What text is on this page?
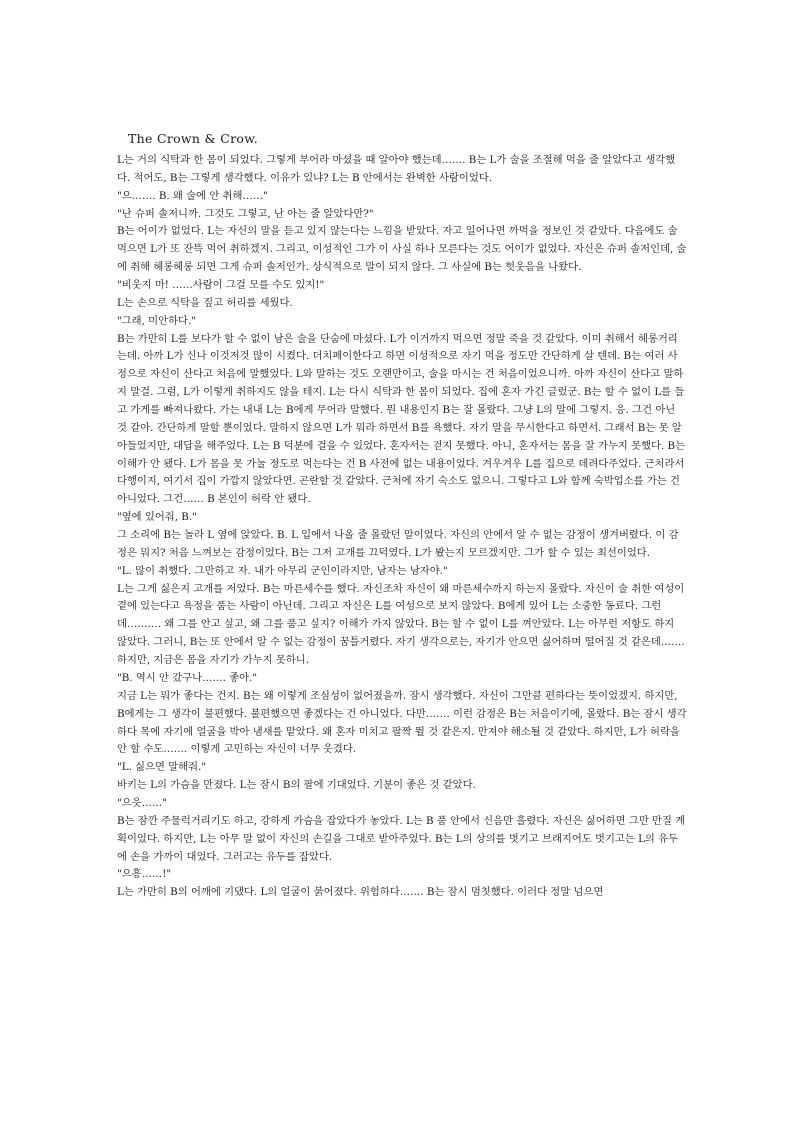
The Crown & Crow.

L는 거의 식탁과 한 몸이 되었다. 그렇게 부어라 마셨을 때 알아야 했는데……. B는 L가 술을 조절해 먹을 줄 알았다고 생각했다. 적어도, B는 그렇게 생각했다. 이유가 있냐? L는 B 안에서는 완벽한 사람이었다.

"으……. B. 왜 술에 안 취해……"

"난 슈퍼 솔저니까. 그것도 그렇고, 난 아는 줄 알았다만?"

B는 어이가 없었다. L는 자신의 말을 듣고 있지 않는다는 느낌을 받았다. 자고 일어나면 까먹을 정보인 것 같았다. 다음에도 술 먹으면 L가 또 잔뜩 먹어 취하겠지. 그리고, 이성적인 그가 이 사실 하나 모른다는 것도 어이가 없었다. 자신은 슈퍼 솔저인데, 술에 취해 헤롱헤롱 되면 그게 슈퍼 솔저인가. 상식적으로 말이 되지 않다. 그 사실에 B는 헛웃음을 나왔다.

"비웃지 마! ……사람이 그걸 모를 수도 있지!"

L는 손으로 식탁을 짚고 허리를 세웠다.

"그래, 미안하다."

B는 가만히 L를 보다가 할 수 없이 남은 술을 단숨에 마셨다. L가 이거까지 먹으면 정말 죽을 것 같았다. 이미 취해서 헤롱거리는데. 아까 L가 신나 이것저것 많이 시켰다. 더치페이한다고 하면 이성적으로 자기 먹을 정도만 간단하게 살 텐데. B는 여러 사정으로 자신이 산다고 처음에 말했었다. L와 말하는 것도 오랜만이고, 술을 마시는 건 처음이었으니까. 아까 자신이 산다고 말하지 말걸. 그럼, L가 이렇게 취하지도 않을 테지. L는 다시 식탁과 한 몸이 되었다. 집에 혼자 가긴 글렀군. B는 할 수 없이 L를 들고 가게를 빠져나왔다. 가는 내내 L는 B에게 무어라 말했다. 뭔 내용인지 B는 잘 몰랐다. 그냥 L의 말에 그렇지. 응. 그건 아닌 것 같아. 간단하게 말할 뿐이었다. 말하지 않으면 L가 뭐라 하면서 B를 욕했다. 자기 말을 무시한다고 하면서. 그래서 B는 못 알아들었지만, 대답을 해주었다. L는 B 덕분에 걸을 수 있었다. 혼자서는 걷지 못했다. 아니, 혼자서는 몸을 잘 가누지 못했다. B는 이해가 안 됐다. L가 몸을 못 가눌 정도로 먹는다는 건 B 사전에 없는 내용이었다. 겨우겨우 L를 집으로 데려다주었다. 근처라서 다행이지, 여기서 집이 가깝지 않았다면. 곤란할 것 같았다. 근처에 자기 숙소도 없으니. 그렇다고 L와 함께 숙박업소를 가는 건 아니었다. 그건…… B 본인이 허락 안 됐다.

"옆에 있어줘, B."

그 소리에 B는 놀라 L 옆에 앉았다. B. L 입에서 나올 줄 몰랐던 말이었다. 자신의 안에서 알 수 없는 감정이 생겨버렸다. 이 감정은 뭐지? 처음 느껴보는 감정이었다. B는 그저 고개를 끄덕였다. L가 봤는지 모르겠지만. 그가 할 수 있는 최선이었다.

"L. 많이 취했다. 그만하고 자. 내가 아무리 군인이라지만, 남자는 남자야."

L는 그게 싫은지 고개를 저었다. B는 마른세수를 했다. 자신조차 자신이 왜 마른세수까지 하는지 몰랐다. 자신이 술 취한 여성이 곁에 있는다고 욕정을 품는 사람이 아닌데. 그리고 자신은 L를 여성으로 보지 않았다. B에게 있어 L는 소중한 동료다. 그런데………. 왜 그를 안고 싶고, 왜 그를 품고 싶지? 이해가 가지 않았다. B는 할 수 없이 L를 껴안았다. L는 아무런 저항도 하지 않았다. 그러니, B는 또 안에서 알 수 없는 감정이 꿈틀거렸다. 자기 생각으로는, 자기가 안으면 싫어하며 떨어질 것 같은데……. 하지만, 지금은 몸을 자기가 가누지 못하니.

"B. 역시 안 갔구나……. 좋아."

지금 L는 뭐가 좋다는 건지. B는 왜 이렇게 조심성이 없어졌을까. 잠시 생각했다. 자신이 그만큼 편하다는 뜻이었겠지. 하지만, B에게는 그 생각이 불편했다. 불편했으면 좋겠다는 건 아니었다. 다만……. 이런 감정은 B는 처음이기에, 몰랐다. B는 잠시 생각하다 목에 자기에 얼굴을 박아 냄새를 맡았다. 왜 혼자 미치고 팔짝 뛸 것 같은지. 만져야 해소될 것 같았다. 하지만, L가 허락을 안 할 수도……. 이렇게 고민하는 자신이 너무 웃겼다.

"L. 싫으면 말해줘."

바키는 L의 가슴을 만졌다. L는 잠시 B의 팔에 기대었다. 기분이 좋은 것 같았다.

"으읏……"

B는 잠깐 주물럭거리기도 하고, 강하게 가슴을 잡았다가 놓았다. L는 B 품 안에서 신음만 흘렸다. 자신은 싫어하면 그만 만질 계획이었다. 하지만, L는 아무 말 없이 자신의 손길을 그대로 받아주었다. B는 L의 상의를 벗기고 브래지어도 벗기고는 L의 유두에 손을 가까이 대었다. 그러고는 유두를 잡았다.

"으흥……!"

L는 가만히 B의 어깨에 기댔다. L의 얼굴이 붉어졌다. 위험하다……. B는 잠시 멈칫했다. 이러다 정말 넘으면
